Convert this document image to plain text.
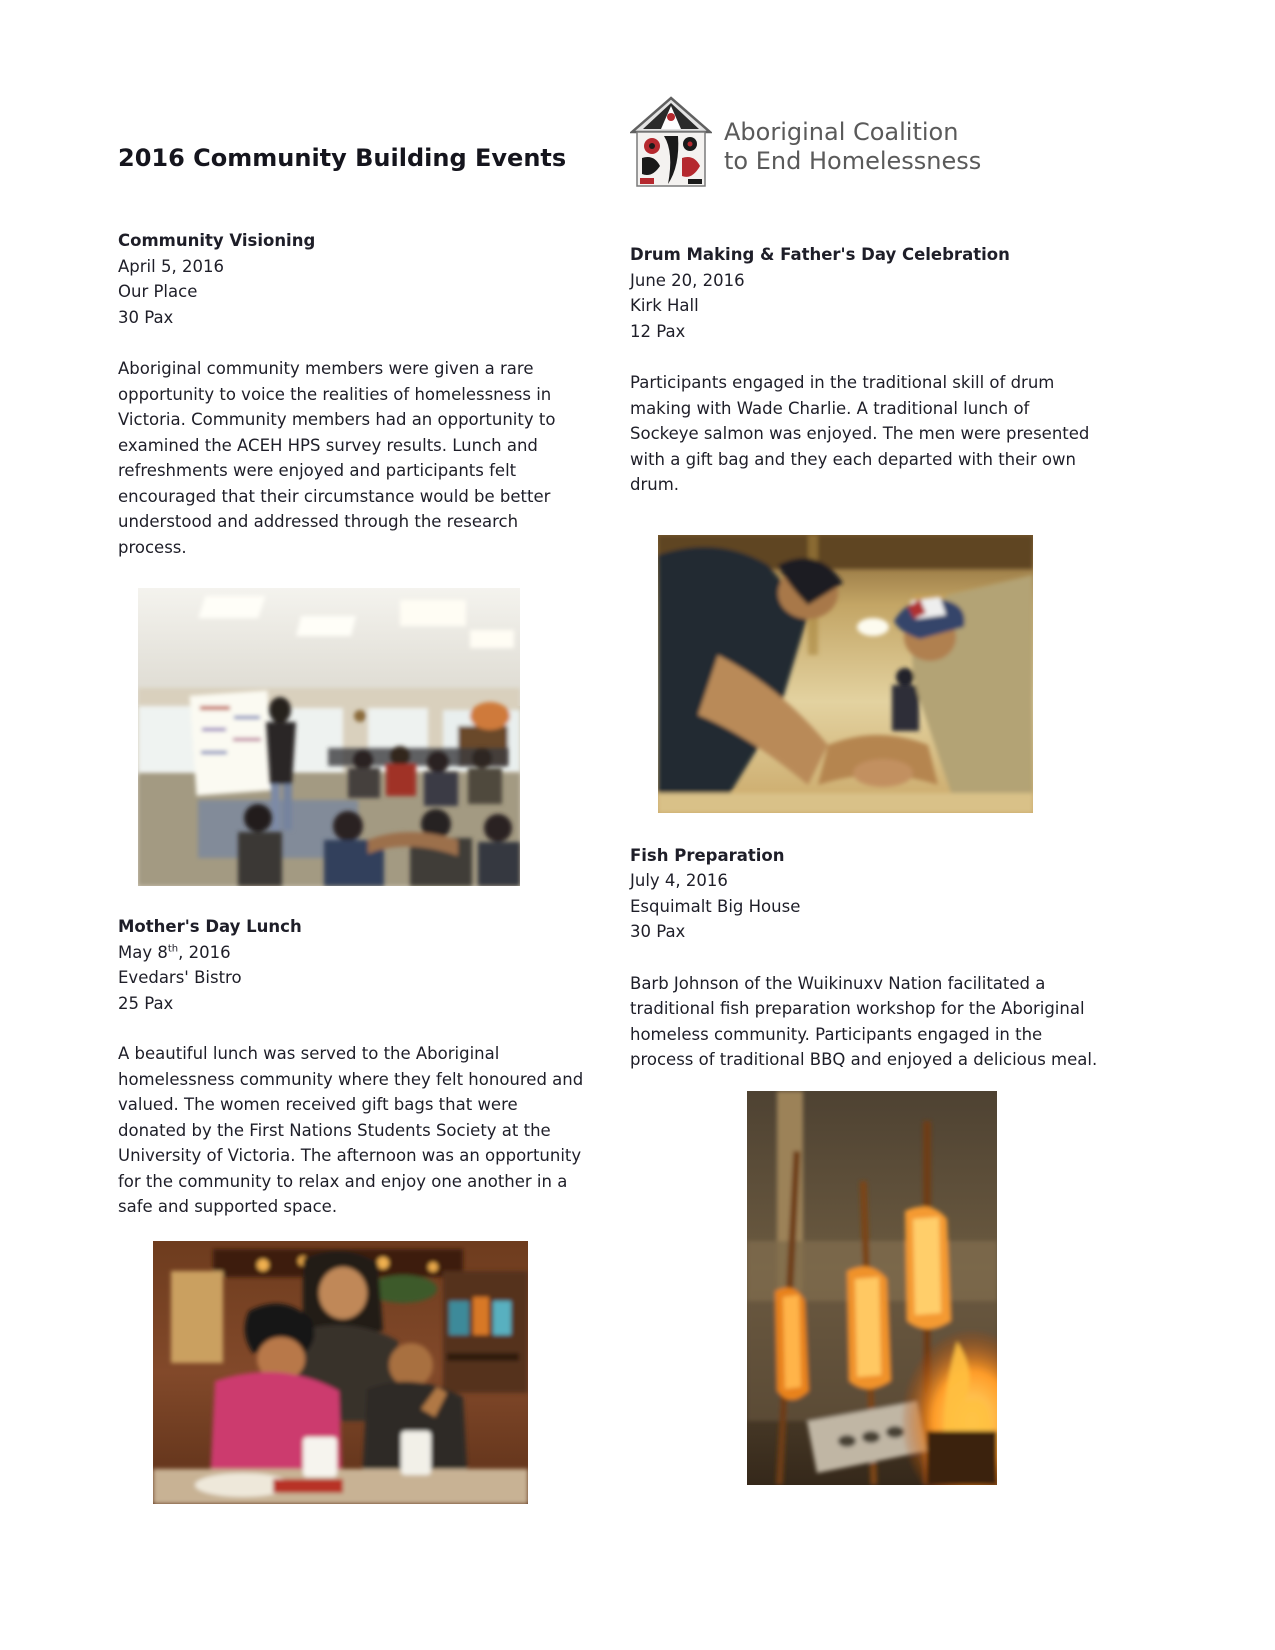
2016 Community Building Events
Community Visioning
April 5, 2016
Our Place
30 Pax

Aboriginal community members were given a rare opportunity to voice the realities of homelessness in Victoria. Community members had an opportunity to examined the ACEH HPS survey results. Lunch and refreshments were enjoyed and participants felt encouraged that their circumstance would be better understood and addressed through the research process.

Mother's Day Lunch
May 8th, 2016
Evedars' Bistro
25 Pax

A beautiful lunch was served to the Aboriginal homelessness community where they felt honoured and valued. The women received gift bags that were donated by the First Nations Students Society at the University of Victoria. The afternoon was an opportunity for the community to relax and enjoy one another in a safe and supported space.

Aboriginal Coalition
to End Homelessness
Drum Making & Father's Day Celebration
June 20, 2016
Kirk Hall
12 Pax

Participants engaged in the traditional skill of drum making with Wade Charlie. A traditional lunch of Sockeye salmon was enjoyed. The men were presented with a gift bag and they each departed with their own drum.

Fish Preparation
July 4, 2016
Esquimalt Big House
30 Pax

Barb Johnson of the Wuikinuxv Nation facilitated a traditional fish preparation workshop for the Aboriginal homeless community. Participants engaged in the process of traditional BBQ and enjoyed a delicious meal.
